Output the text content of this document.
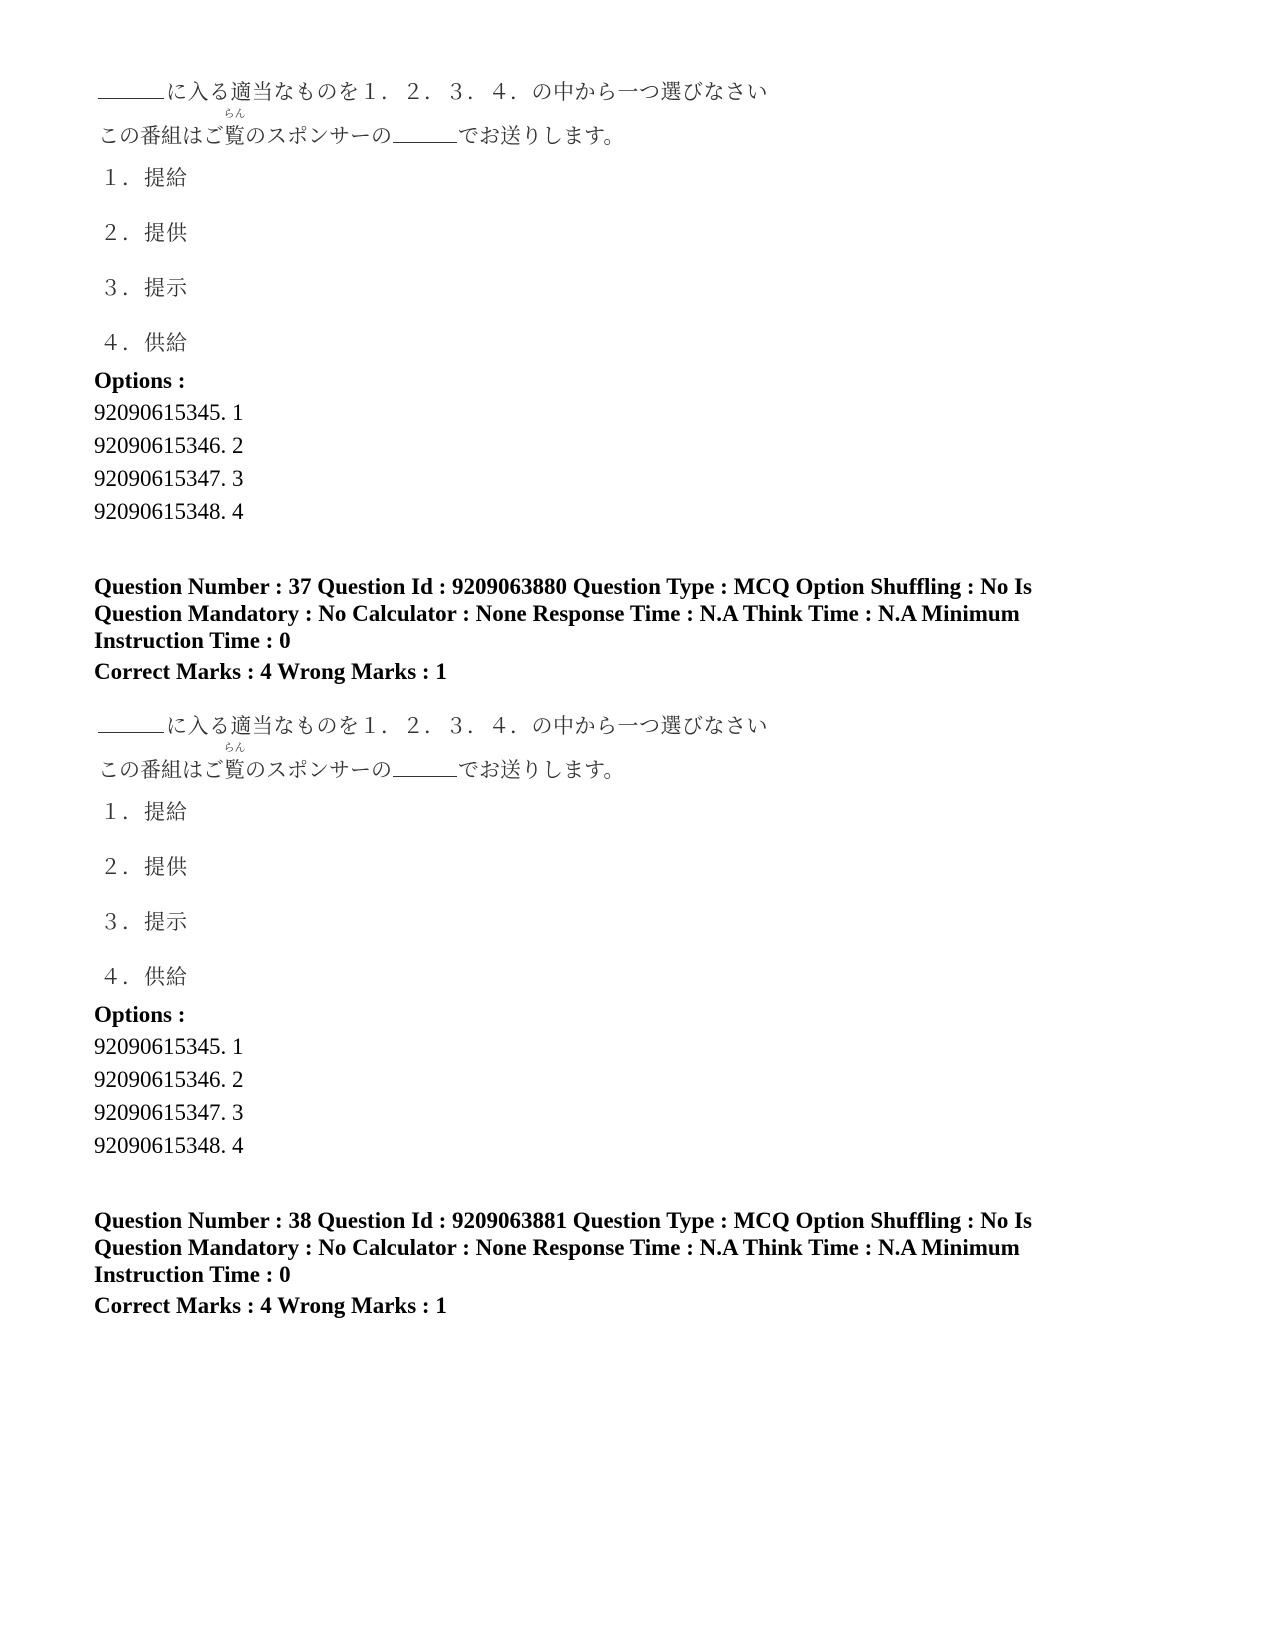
に入る適当なものを１．２．３．４．の中から一つ選びなさい
この番組はご
らん
覧のスポンサーの	でお送りします。
１．提給
２．提供
３．提示
４．供給
Options :
92090615345. 1
92090615346. 2
92090615347. 3
92090615348. 4
Question Number : 37 Question Id : 9209063880 Question Type : MCQ Option Shuffling : No Is
Question Mandatory : No Calculator : None Response Time : N.A Think Time : N.A Minimum
Instruction Time : 0
Correct Marks : 4 Wrong Marks : 1
に入る適当なものを１．２．３．４．の中から一つ選びなさい
この番組はご
らん
覧のスポンサーの	でお送りします。
１．提給
２．提供
３．提示
４．供給
Options :
92090615345. 1
92090615346. 2
92090615347. 3
92090615348. 4
Question Number : 38 Question Id : 9209063881 Question Type : MCQ Option Shuffling : No Is
Question Mandatory : No Calculator : None Response Time : N.A Think Time : N.A Minimum
Instruction Time : 0
Correct Marks : 4 Wrong Marks : 1
